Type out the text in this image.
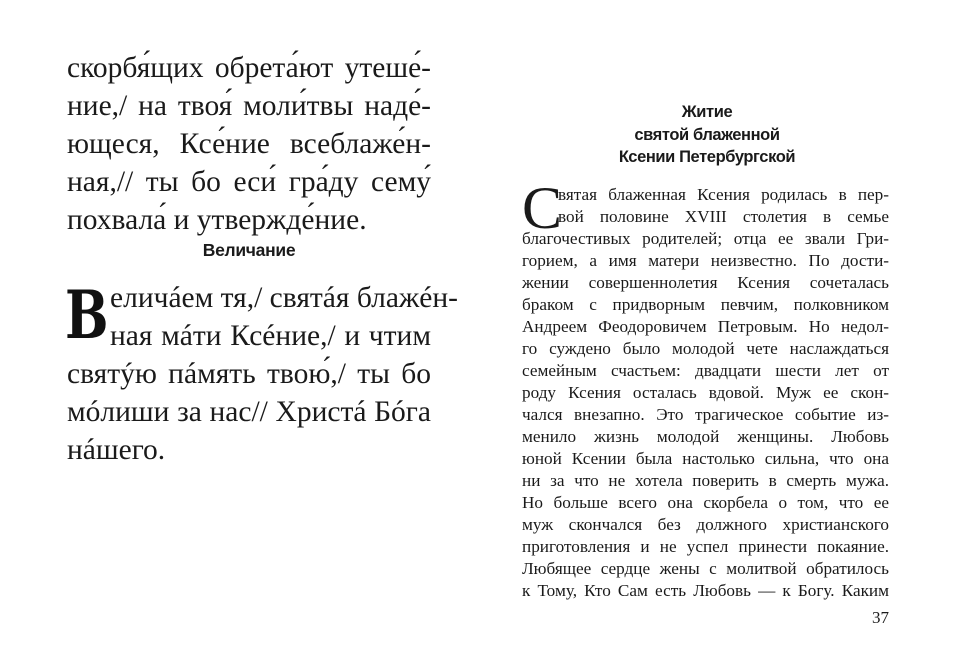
скорбя́щих обрета́ют утеше́-
ние,/ на твоя́ моли́твы наде́-
ющеся, Ксе́ние всеблаже́н-
ная,// ты бо еси́ гра́ду сему́
похвала́ и утвержде́ние.
Величание
В еличáем тя,/ святáя блажéн-
ная мáти Ксéние,/ и чтим
святýю пáмять твою́,/ ты бо
мóлиши за нас// Христá Бóга
нáшего.
Житие
святой блаженной
Ксении Петербургской
С
вятая блаженная Ксения родилась в пер-
вой половине XVIII столетия в семье
благочестивых родителей; отца ее звали Гри-
горием, а имя матери неизвестно. По дости-
жении совершеннолетия Ксения сочеталась
браком с придворным певчим, полковником
Андреем Феодоровичем Петровым. Но недол-
го суждено было молодой чете наслаждаться
семейным счастьем: двадцати шести лет от
роду Ксения осталась вдовой. Муж ее скон-
чался внезапно. Это трагическое событие из-
менило жизнь молодой женщины. Любовь
юной Ксении была настолько сильна, что она
ни за что не хотела поверить в смерть мужа.
Но больше всего она скорбела о том, что ее
муж скончался без должного христианского
приготовления и не успел принести покаяние.
Любящее сердце жены с молитвой обратилось
к Тому, Кто Сам есть Любовь — к Богу. Каким
37
